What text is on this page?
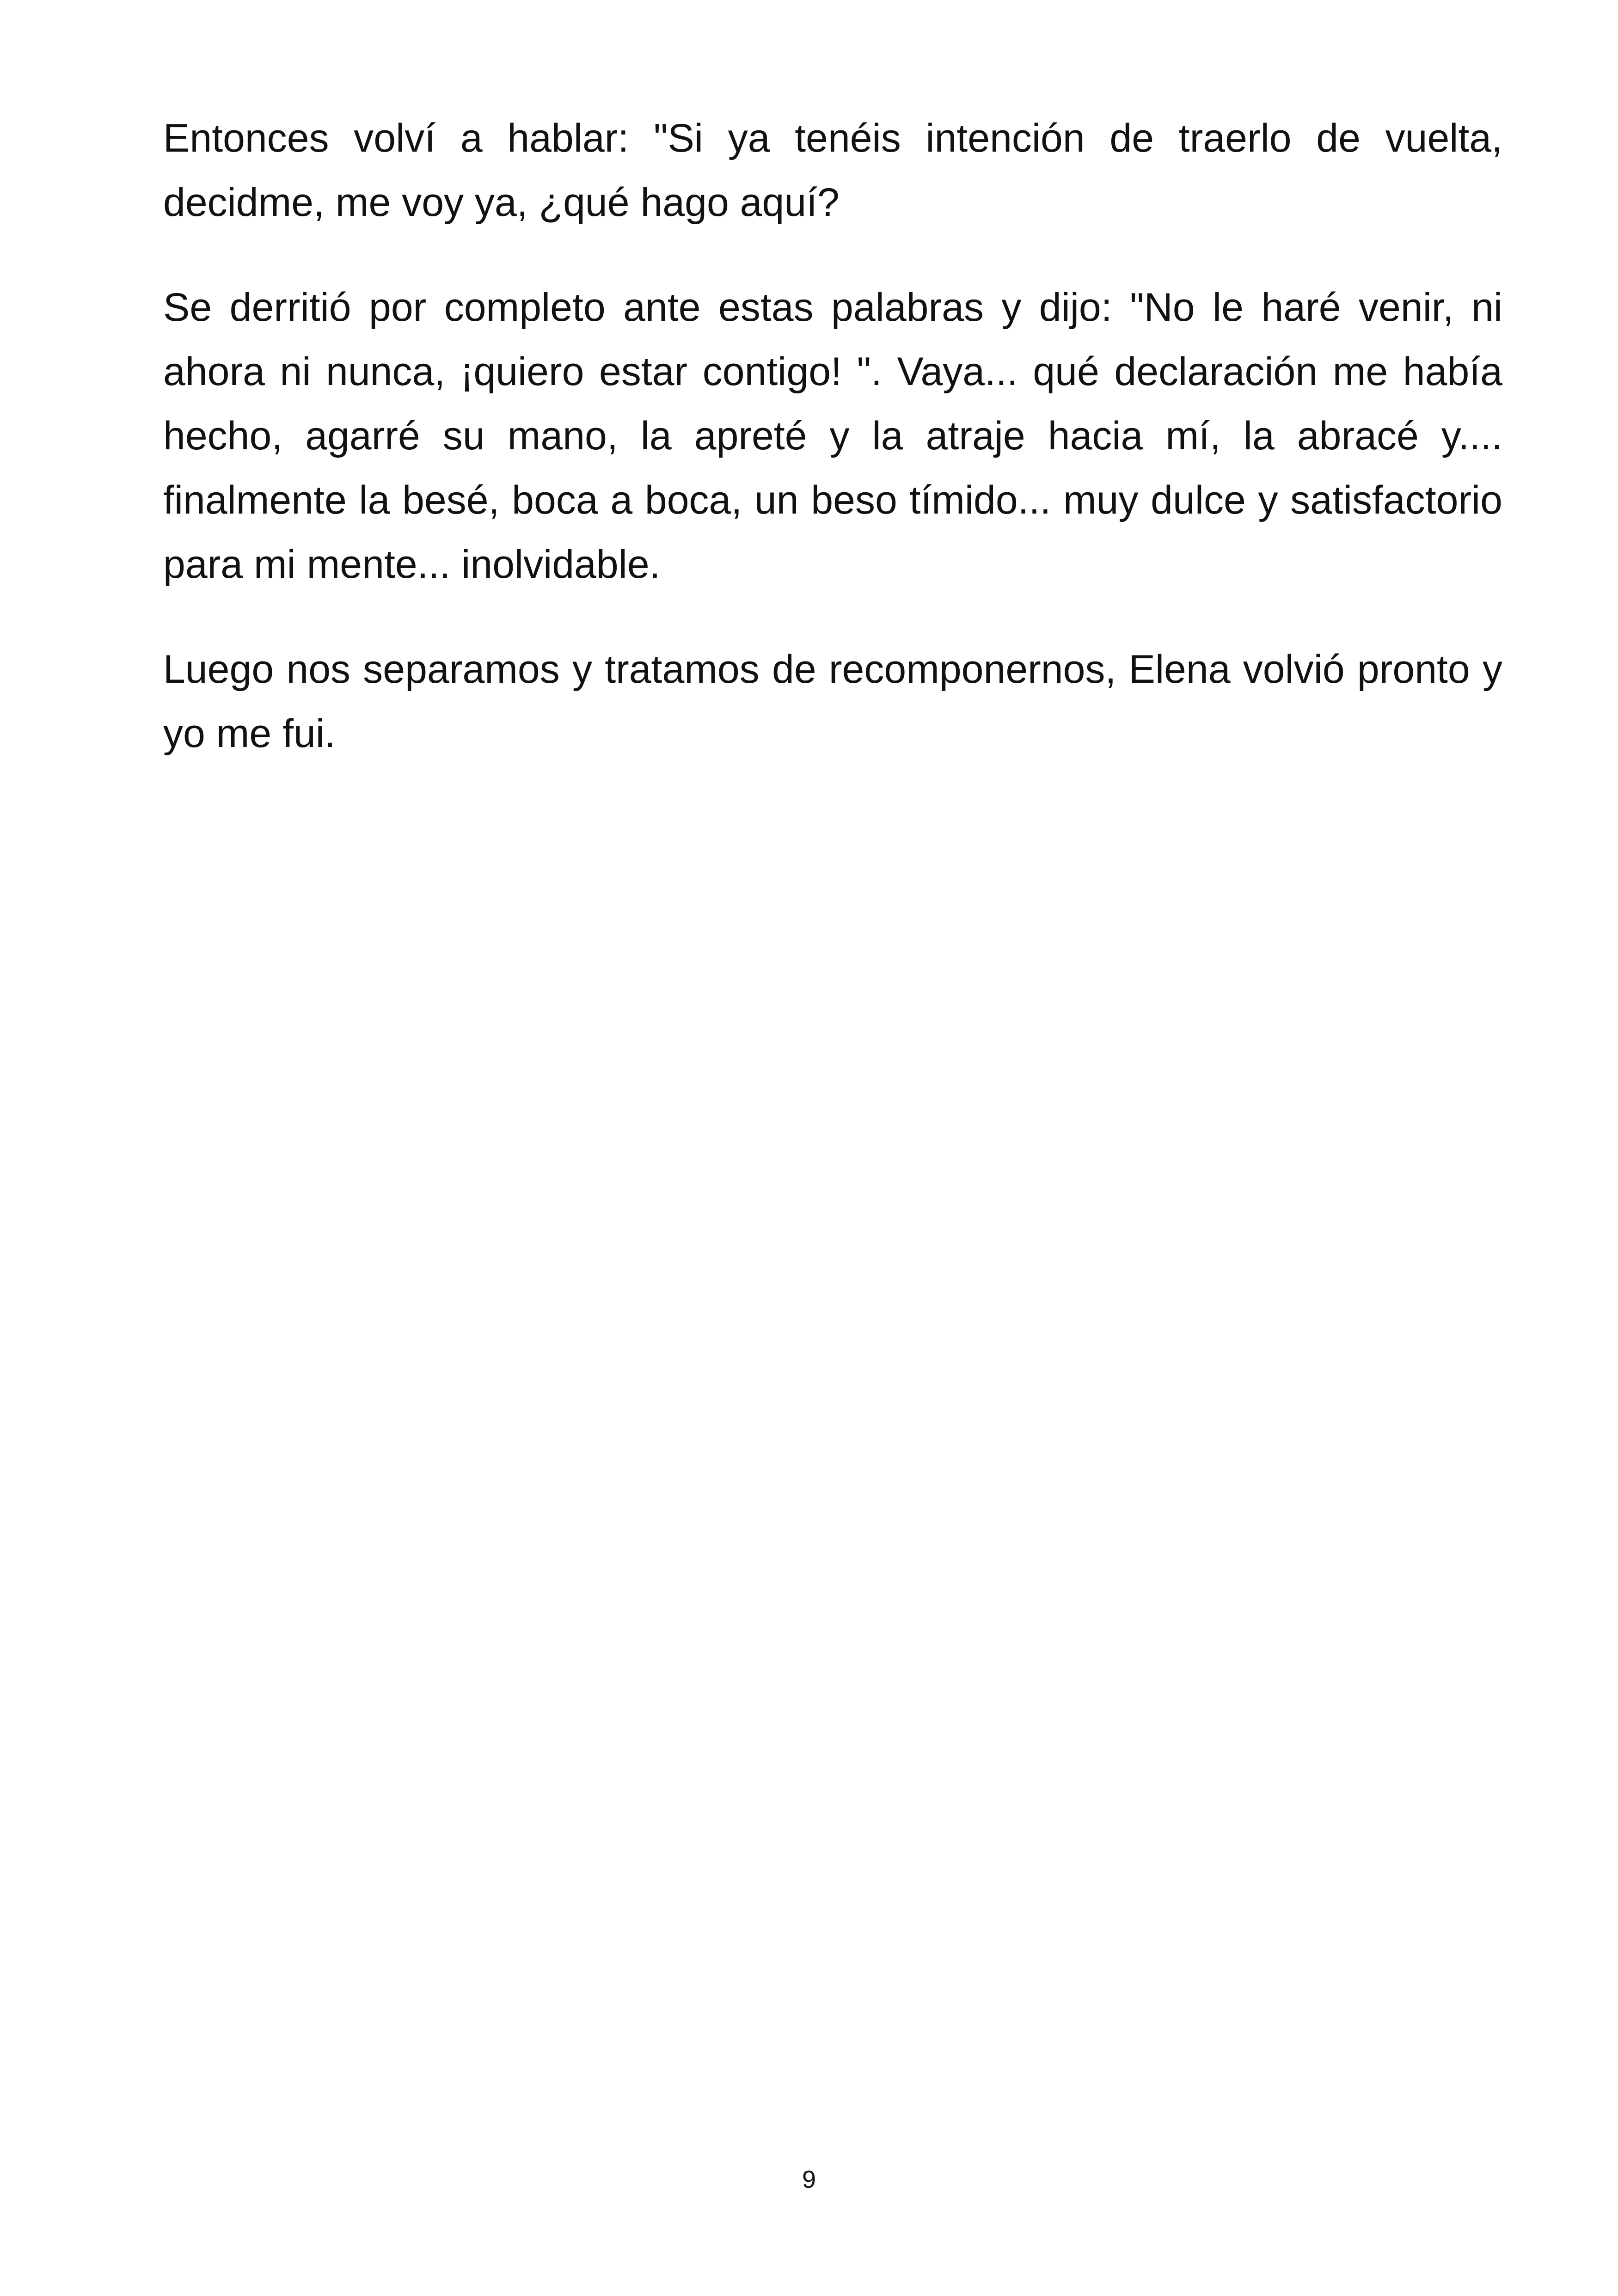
Entonces volví a hablar: "Si ya tenéis intención de traerlo de vuelta, decidme, me voy ya, ¿qué hago aquí?

Se derritió por completo ante estas palabras y dijo: "No le haré venir, ni ahora ni nunca, ¡quiero estar contigo! ". Vaya... qué declaración me había hecho, agarré su mano, la apreté y la atraje hacia mí, la abracé y.... finalmente la besé, boca a boca, un beso tímido... muy dulce y satisfactorio para mi mente... inolvidable.

Luego nos separamos y tratamos de recomponernos, Elena volvió pronto y yo me fui.

9
